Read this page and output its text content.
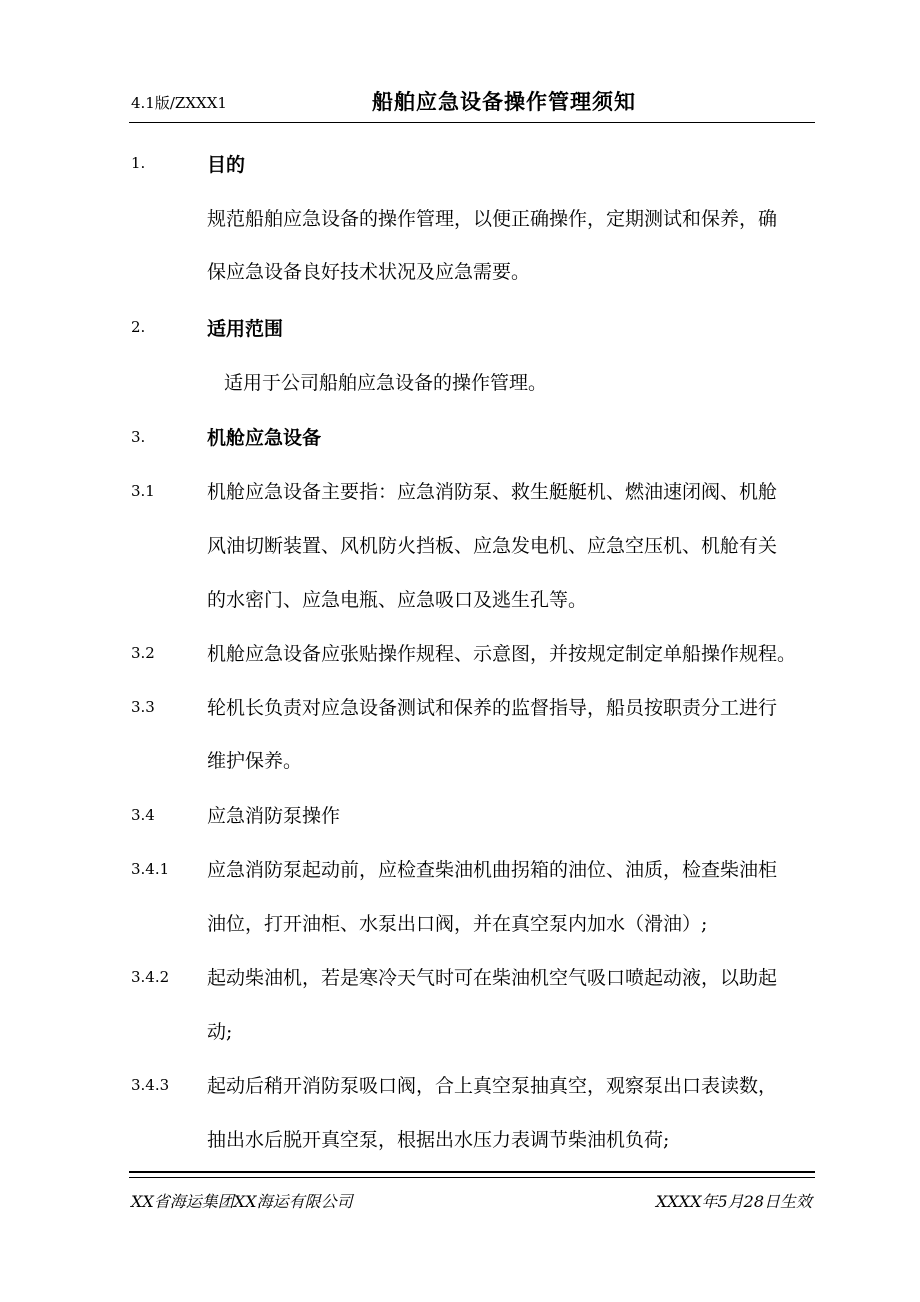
4.1版/ZXXX1	船舶应急设备操作管理须知
1.	目的
规范船舶应急设备的操作管理，以便正确操作，定期测试和保养，确
保应急设备良好技术状况及应急需要。
2.	适用范围
适用于公司船舶应急设备的操作管理。
3.	机舱应急设备
3.1	机舱应急设备主要指：应急消防泵、救生艇艇机、燃油速闭阀、机舱
风油切断装置、风机防火挡板、应急发电机、应急空压机、机舱有关
的水密门、应急电瓶、应急吸口及逃生孔等。
3.2	机舱应急设备应张贴操作规程、示意图，并按规定制定单船操作规程。
3.3	轮机长负责对应急设备测试和保养的监督指导，船员按职责分工进行
维护保养。
3.4	应急消防泵操作
3.4.1 应急消防泵起动前，应检查柴油机曲拐箱的油位、油质，检查柴油柜
油位，打开油柜、水泵出口阀，并在真空泵内加水（滑油）;
3.4.2 起动柴油机，若是寒冷天气时可在柴油机空气吸口喷起动液，以助起
动;
3.4.3 起动后稍开消防泵吸口阀，合上真空泵抽真空，观察泵出口表读数，
抽出水后脱开真空泵，根据出水压力表调节柴油机负荷;
XX省海运集团XX海运有限公司	XXXX年5月28日生效
